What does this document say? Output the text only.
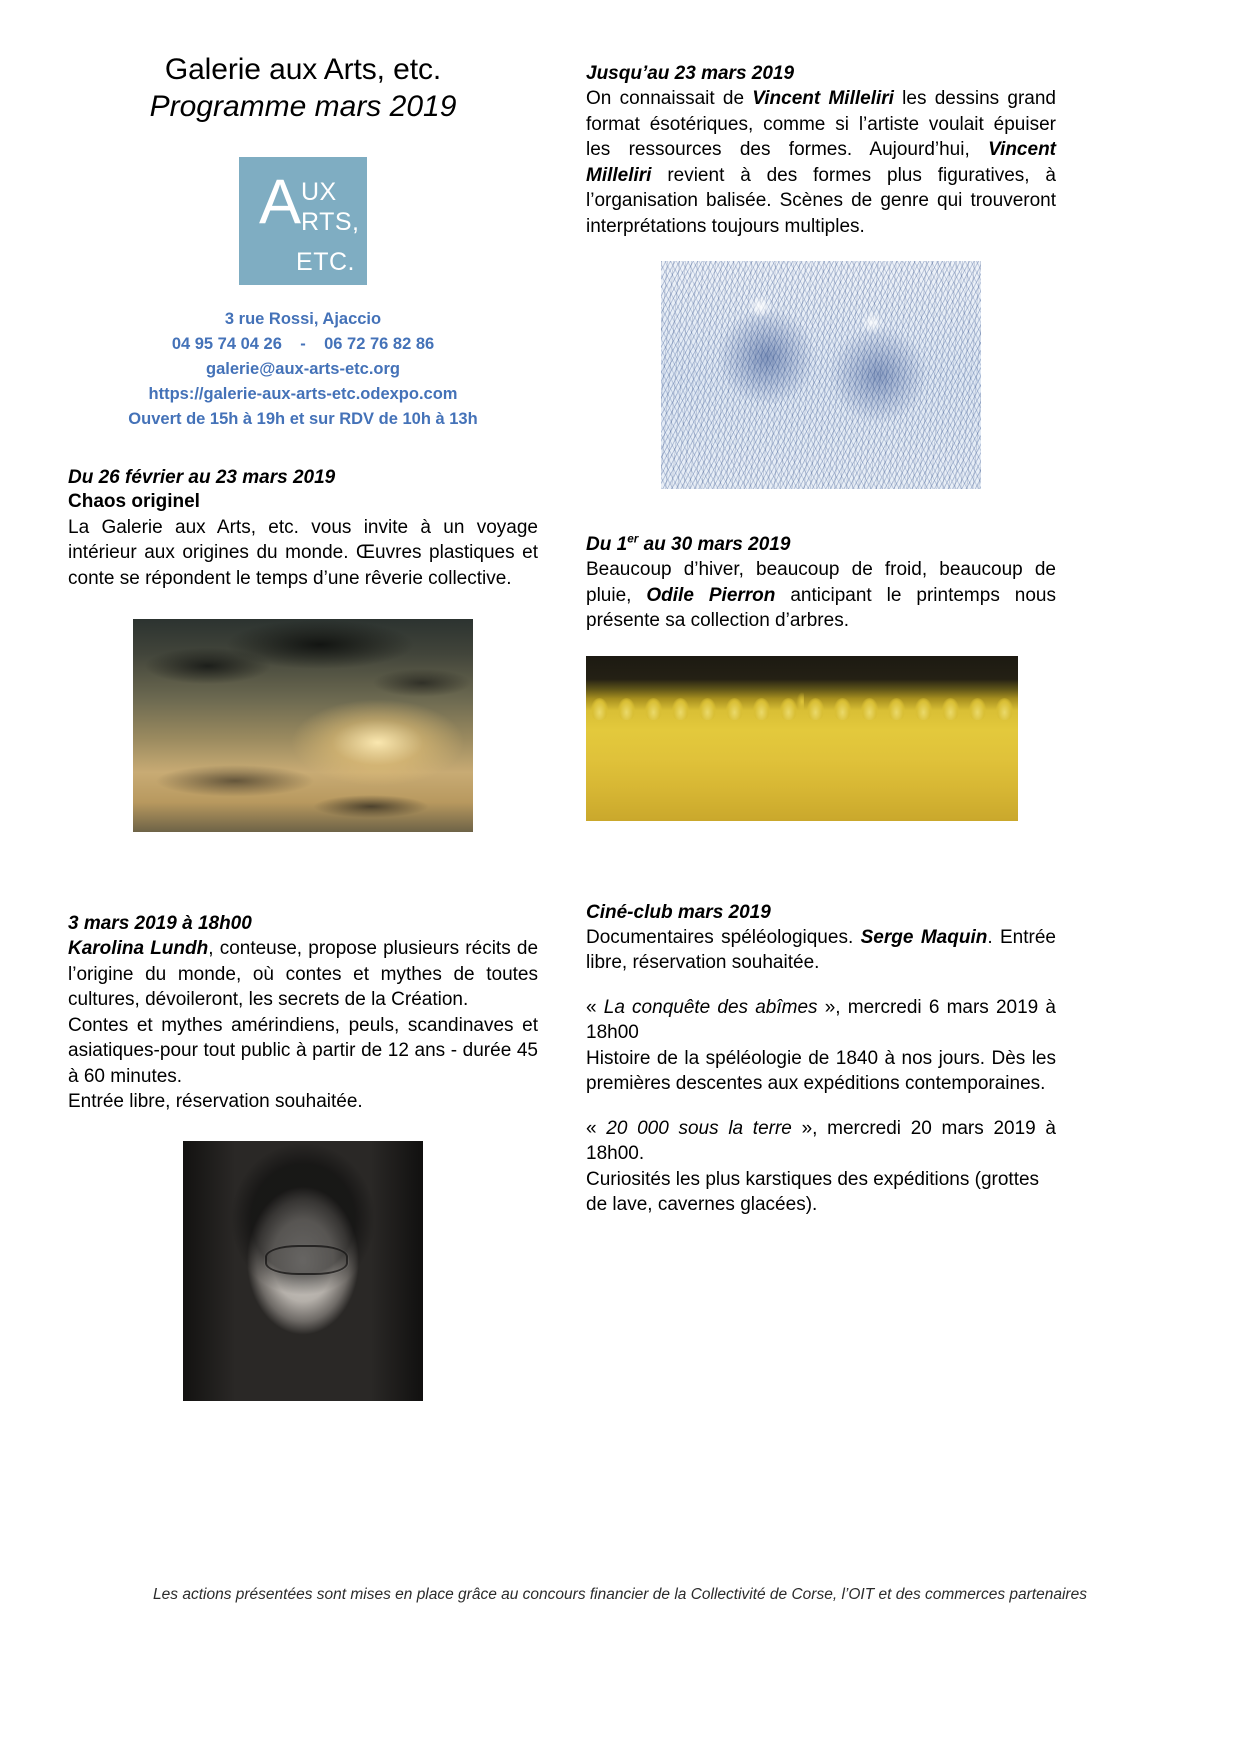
Galerie aux Arts, etc.
Programme mars 2019
A UX
RTS,
ETC.
3 rue Rossi, Ajaccio
04 95 74 04 26    -    06 72 76 82 86
galerie@aux-arts-etc.org
https://galerie-aux-arts-etc.odexpo.com
Ouvert de 15h à 19h et sur RDV de 10h à 13h

Du 26 février au 23 mars 2019

Chaos originel

La Galerie aux Arts, etc. vous invite à un voyage intérieur aux origines du monde. Œuvres plastiques et conte se répondent le temps d’une rêverie collective.

3 mars 2019 à 18h00

Karolina Lundh, conteuse, propose plusieurs récits de l’origine du monde, où contes et mythes de toutes cultures, dévoileront, les secrets de la Création.

Contes et mythes amérindiens, peuls, scandinaves et asiatiques-pour tout public à partir de 12 ans - durée 45 à 60 minutes.

Entrée libre, réservation souhaitée.

Jusqu’au 23 mars 2019

On connaissait de Vincent Milleliri les dessins grand format ésotériques, comme si l’artiste voulait épuiser les ressources des formes. Aujourd’hui, Vincent Milleliri revient à des formes plus figuratives, à l’organisation balisée. Scènes de genre qui trouveront interprétations toujours multiples.

Du 1er au 30 mars 2019

Beaucoup d’hiver, beaucoup de froid, beaucoup de pluie, Odile Pierron anticipant le printemps nous présente sa collection d’arbres.

Ciné-club mars 2019

Documentaires spéléologiques. Serge Maquin. Entrée libre, réservation souhaitée.

« La conquête des abîmes », mercredi 6 mars 2019 à 18h00

Histoire de la spéléologie de 1840 à nos jours. Dès les premières descentes aux expéditions contemporaines.

« 20 000 sous la terre », mercredi 20 mars 2019 à 18h00.

Curiosités les plus karstiques des expéditions (grottes de lave, cavernes glacées).

Les actions présentées sont mises en place grâce au concours financier de la Collectivité de Corse, l’OIT et des commerces partenaires
